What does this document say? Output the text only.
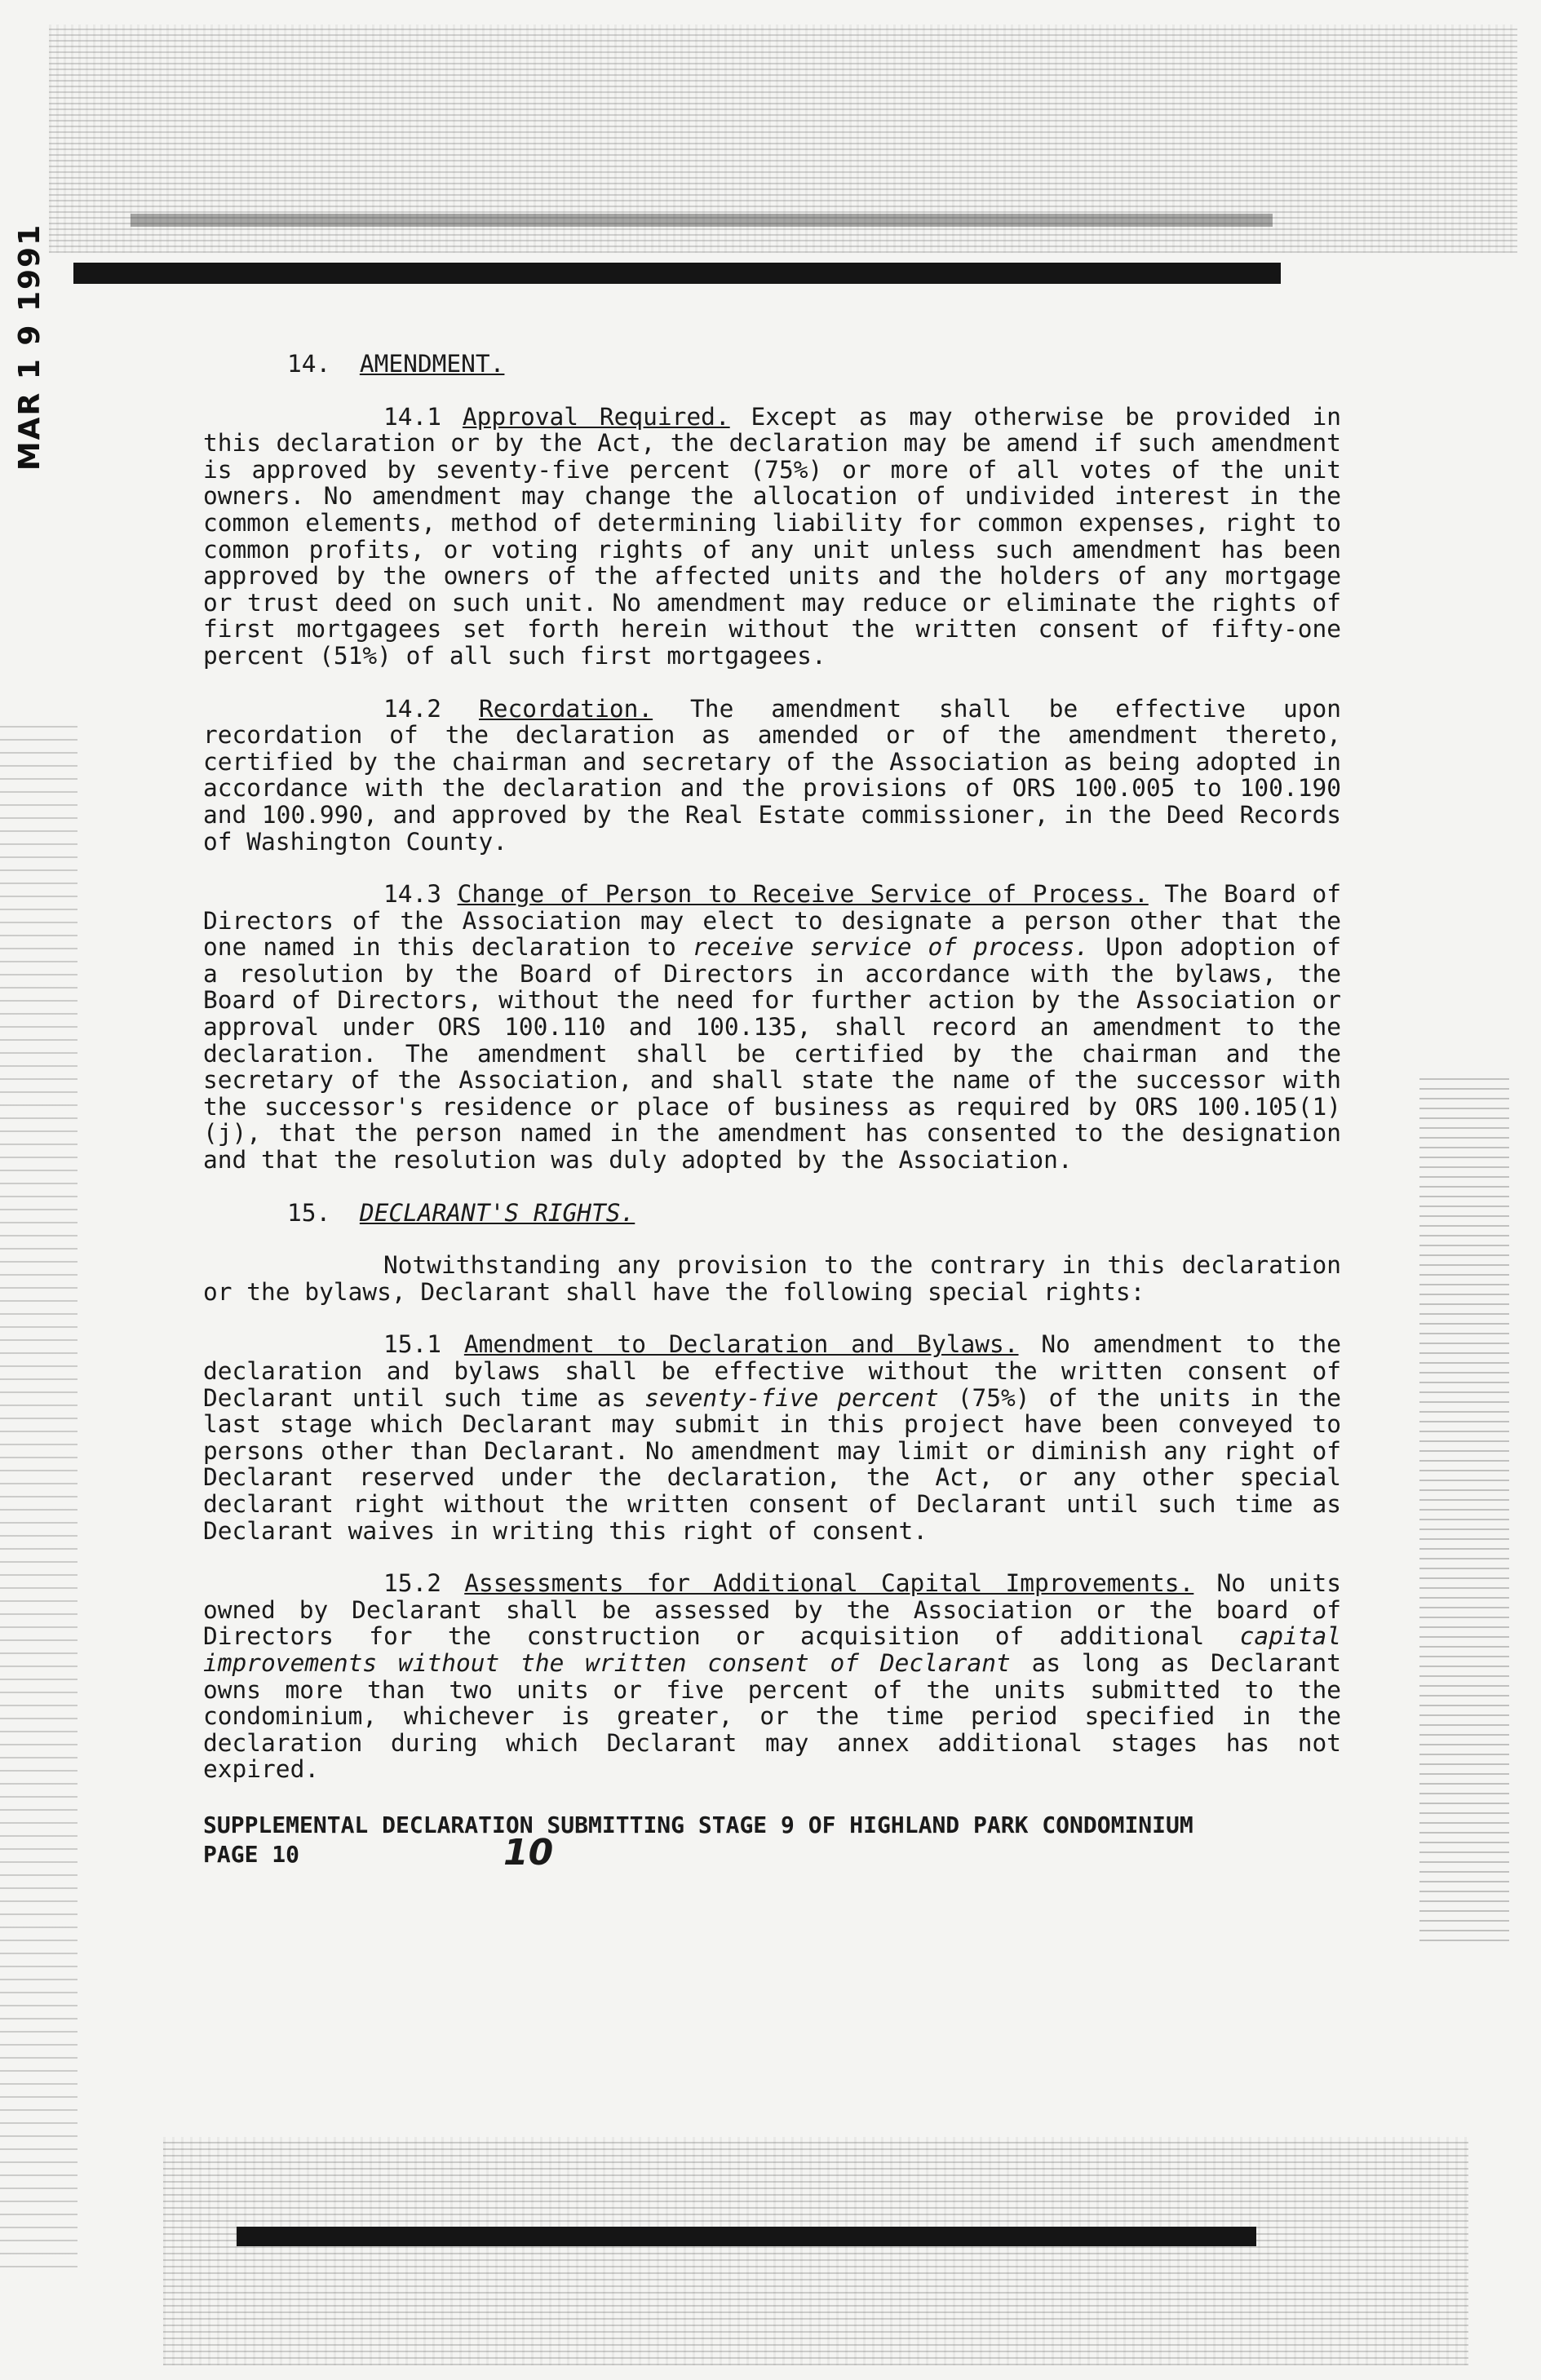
MAR 1 9 1991	14. AMENDMENT.

14.1 Approval Required. Except as may otherwise be provided in this declaration or by the Act, the declaration may be amend if such amendment is approved by seventy-five percent (75%) or more of all votes of the unit owners. No amendment may change the allocation of undivided interest in the common elements, method of determining liability for common expenses, right to common profits, or voting rights of any unit unless such amendment has been approved by the owners of the affected units and the holders of any mortgage or trust deed on such unit. No amendment may reduce or eliminate the rights of first mortgagees set forth herein without the written consent of fifty-one percent (51%) of all such first mortgagees.

14.2 Recordation. The amendment shall be effective upon recordation of the declaration as amended or of the amendment thereto, certified by the chairman and secretary of the Association as being adopted in accordance with the declaration and the provisions of ORS 100.005 to 100.190 and 100.990, and approved by the Real Estate commissioner, in the Deed Records of Washington County.

14.3 Change of Person to Receive Service of Process. The Board of Directors of the Association may elect to designate a person other that the one named in this declaration to receive service of process. Upon adoption of a resolution by the Board of Directors in accordance with the bylaws, the Board of Directors, without the need for further action by the Association or approval under ORS 100.110 and 100.135, shall record an amendment to the declaration. The amendment shall be certified by the chairman and the secretary of the Association, and shall state the name of the successor with the successor's residence or place of business as required by ORS 100.105(1)(j), that the person named in the amendment has consented to the designation and that the resolution was duly adopted by the Association.

15. DECLARANT'S RIGHTS.

Notwithstanding any provision to the contrary in this declaration or the bylaws, Declarant shall have the following special rights:

15.1 Amendment to Declaration and Bylaws. No amendment to the declaration and bylaws shall be effective without the written consent of Declarant until such time as seventy-five percent (75%) of the units in the last stage which Declarant may submit in this project have been conveyed to persons other than Declarant. No amendment may limit or diminish any right of Declarant reserved under the declaration, the Act, or any other special declarant right without the written consent of Declarant until such time as Declarant waives in writing this right of consent.

15.2 Assessments for Additional Capital Improvements. No units owned by Declarant shall be assessed by the Association or the board of Directors for the construction or acquisition of additional capital improvements without the written consent of Declarant as long as Declarant owns more than two units or five percent of the units submitted to the condominium, whichever is greater, or the time period specified in the declaration during which Declarant may annex additional stages has not expired.

SUPPLEMENTAL DECLARATION SUBMITTING STAGE 9 OF HIGHLAND PARK CONDOMINIUM
PAGE 10	10
